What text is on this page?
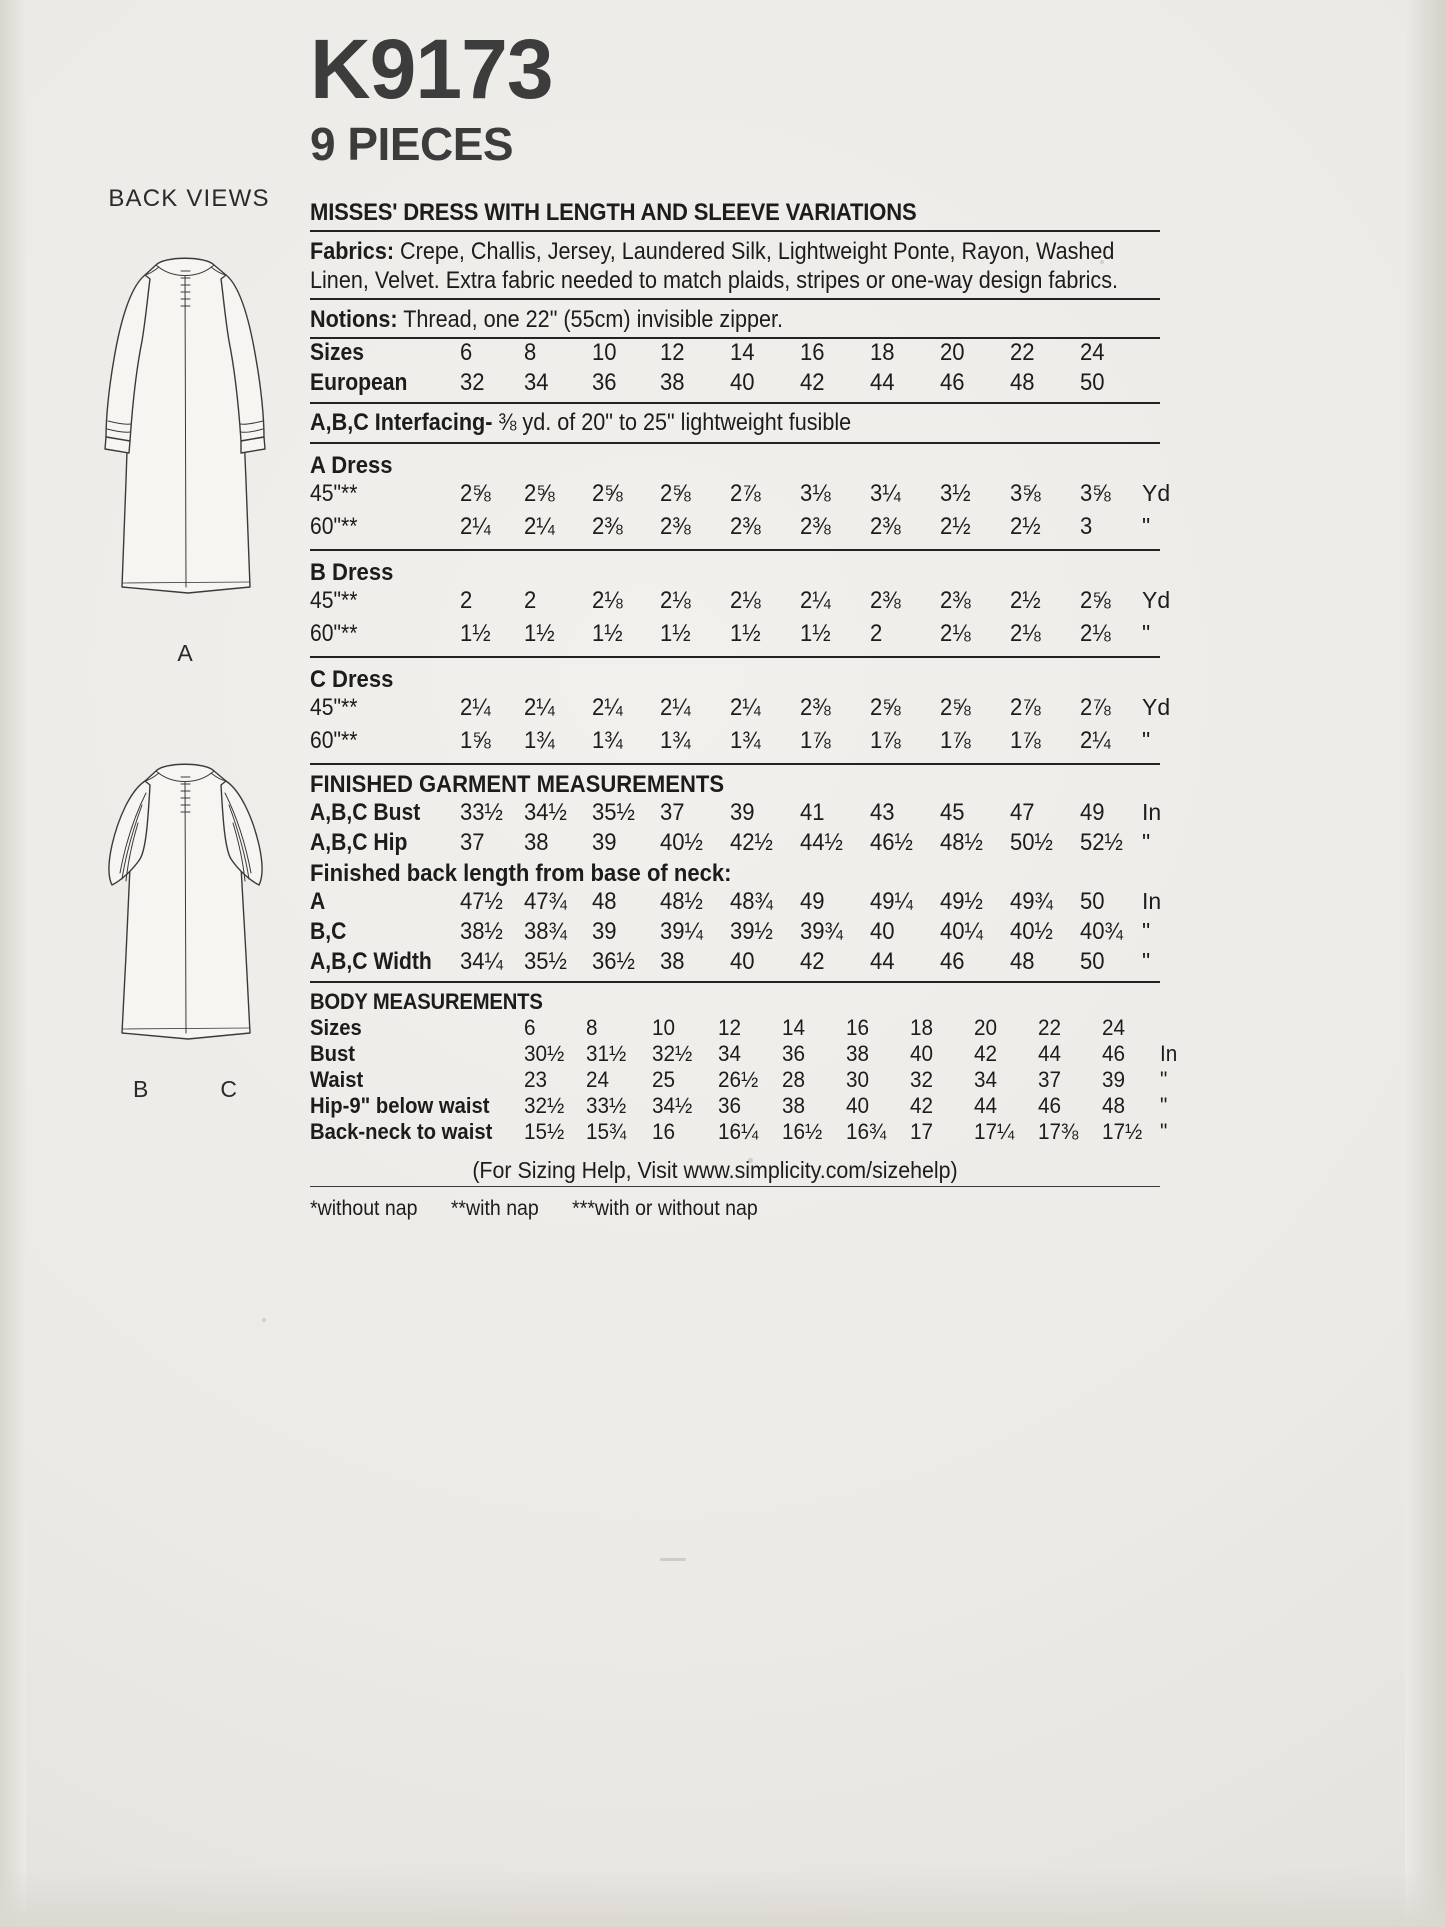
BACK VIEWS
A
B	C
K9173
9 PIECES
MISSES' DRESS WITH LENGTH AND SLEEVE VARIATIONS
Fabrics: Crepe, Challis, Jersey, Laundered Silk, Lightweight Ponte, Rayon, Washed Linen, Velvet. Extra fabric needed to match plaids, stripes or one-way design fabrics.
Notions: Thread, one 22" (55cm) invisible zipper.
Sizes	6	8	10	12	14	16	18	20	22	24	
European	32	34	36	38	40	42	44	46	48	50	
A,B,C Interfacing- ⅜ yd. of 20" to 25" lightweight fusible
A Dress
45"**	2⅝	2⅝	2⅝	2⅝	2⅞	3⅛	3¼	3½	3⅝	3⅝	Yd
60"**	2¼	2¼	2⅜	2⅜	2⅜	2⅜	2⅜	2½	2½	3	"
B Dress
45"**	2	2	2⅛	2⅛	2⅛	2¼	2⅜	2⅜	2½	2⅝	Yd
60"**	1½	1½	1½	1½	1½	1½	2	2⅛	2⅛	2⅛	"
C Dress
45"**	2¼	2¼	2¼	2¼	2¼	2⅜	2⅝	2⅝	2⅞	2⅞	Yd
60"**	1⅝	1¾	1¾	1¾	1¾	1⅞	1⅞	1⅞	1⅞	2¼	"
FINISHED GARMENT MEASUREMENTS
A,B,C Bust	33½	34½	35½	37	39	41	43	45	47	49	In
A,B,C Hip	37	38	39	40½	42½	44½	46½	48½	50½	52½	"
Finished back length from base of neck:
A	47½	47¾	48	48½	48¾	49	49¼	49½	49¾	50	In
B,C	38½	38¾	39	39¼	39½	39¾	40	40¼	40½	40¾	"
A,B,C Width	34¼	35½	36½	38	40	42	44	46	48	50	"
BODY MEASUREMENTS
Sizes	6	8	10	12	14	16	18	20	22	24	
Bust	30½	31½	32½	34	36	38	40	42	44	46	In
Waist	23	24	25	26½	28	30	32	34	37	39	"
Hip-9" below waist	32½	33½	34½	36	38	40	42	44	46	48	"
Back-neck to waist	15½	15¾	16	16¼	16½	16¾	17	17¼	17⅜	17½	"
(For Sizing Help, Visit www.simplicity.com/sizehelp)
*without nap **with nap ***with or without nap
